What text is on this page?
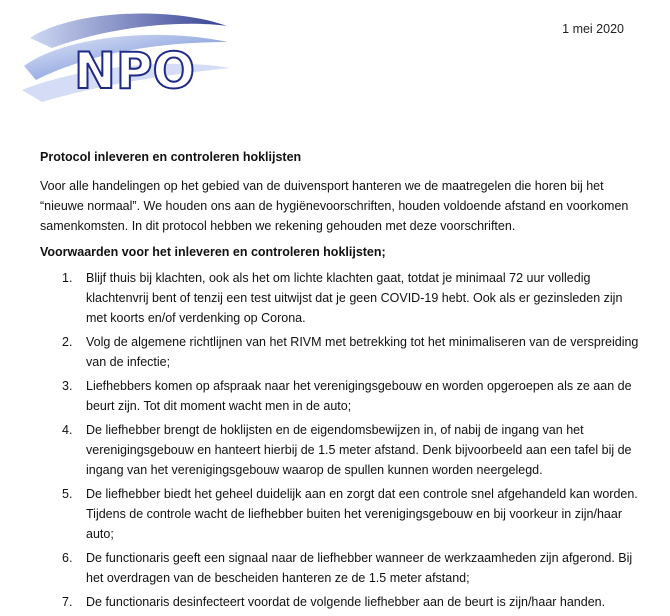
NPO
1 mei 2020
Protocol inleveren en controleren hoklijsten

Voor alle handelingen op het gebied van de duivensport hanteren we de maatregelen die horen bij het “nieuwe normaal”. We houden ons aan de hygiënevoorschriften, houden voldoende afstand en voorkomen samenkomsten. In dit protocol hebben we rekening gehouden met deze voorschriften.

Voorwaarden voor het inleveren en controleren hoklijsten;
1. Blijf thuis bij klachten, ook als het om lichte klachten gaat, totdat je minimaal 72 uur volledig klachtenvrij bent of tenzij een test uitwijst dat je geen COVID-19 hebt. Ook als er gezinsleden zijn met koorts en/of verdenking op Corona.
2. Volg de algemene richtlijnen van het RIVM met betrekking tot het minimaliseren van de verspreiding van de infectie;
3. Liefhebbers komen op afspraak naar het verenigingsgebouw en worden opgeroepen als ze aan de beurt zijn. Tot dit moment wacht men in de auto;
4. De liefhebber brengt de hoklijsten en de eigendomsbewijzen in, of nabij de ingang van het verenigingsgebouw en hanteert hierbij de 1.5 meter afstand. Denk bijvoorbeeld aan een tafel bij de ingang van het verenigingsgebouw waarop de spullen kunnen worden neergelegd.
5. De liefhebber biedt het geheel duidelijk aan en zorgt dat een controle snel afgehandeld kan worden. Tijdens de controle wacht de liefhebber buiten het verenigingsgebouw en bij voorkeur in zijn/haar auto;
6. De functionaris geeft een signaal naar de liefhebber wanneer de werkzaamheden zijn afgerond. Bij het overdragen van de bescheiden hanteren ze de 1.5 meter afstand;
7. De functionaris desinfecteert voordat de volgende liefhebber aan de beurt is zijn/haar handen.
